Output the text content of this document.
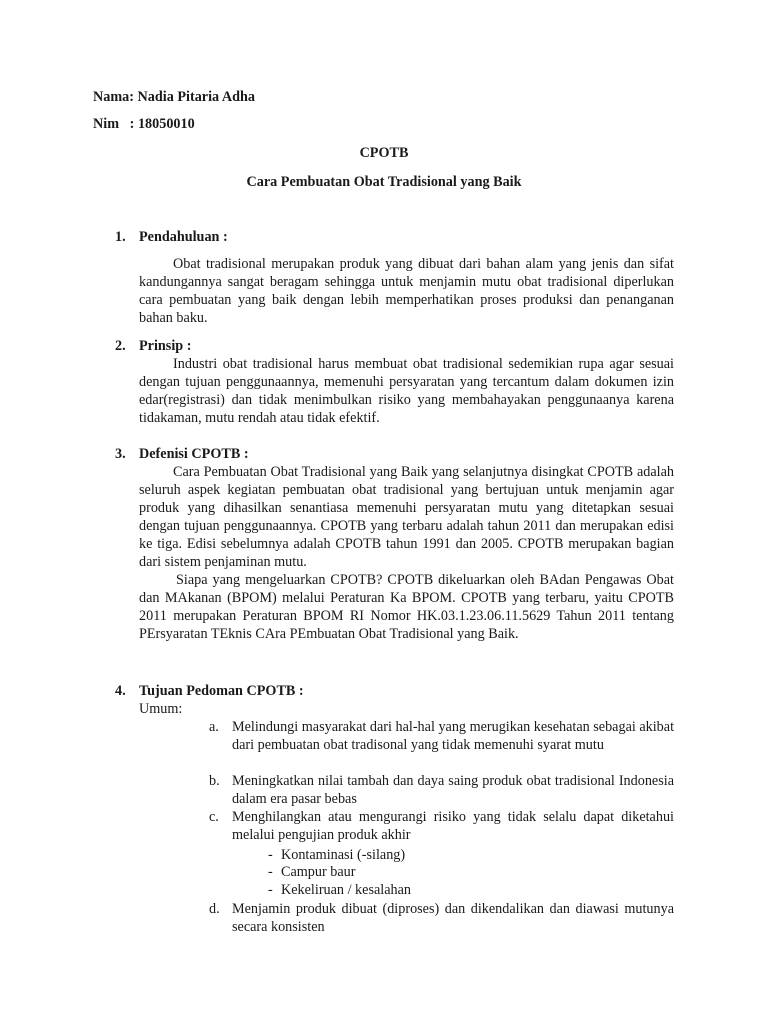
Nama: Nadia Pitaria Adha
Nim   : 18050010
CPOTB
Cara Pembuatan Obat Tradisional yang Baik
1. Pendahuluan :
Obat tradisional merupakan produk yang dibuat dari bahan alam yang jenis dan sifat kandungannya sangat beragam sehingga untuk menjamin mutu obat tradisional diperlukan cara pembuatan yang baik dengan lebih memperhatikan proses produksi dan penanganan bahan baku.
2. Prinsip :
Industri obat tradisional harus membuat obat tradisional sedemikian rupa agar sesuai dengan tujuan penggunaannya, memenuhi persyaratan yang tercantum dalam dokumen izin edar(registrasi) dan tidak menimbulkan risiko yang membahayakan penggunaanya karena tidakaman, mutu rendah atau tidak efektif.
3. Defenisi CPOTB :
Cara Pembuatan Obat Tradisional yang Baik yang selanjutnya disingkat CPOTB adalah seluruh aspek kegiatan pembuatan obat tradisional yang bertujuan untuk menjamin agar produk yang dihasilkan senantiasa memenuhi persyaratan mutu yang ditetapkan sesuai dengan tujuan penggunaannya. CPOTB yang terbaru adalah tahun 2011 dan merupakan edisi ke tiga. Edisi sebelumnya adalah CPOTB tahun 1991 dan 2005. CPOTB merupakan bagian dari sistem penjaminan mutu.
Siapa yang mengeluarkan CPOTB? CPOTB dikeluarkan oleh BAdan Pengawas Obat dan MAkanan (BPOM) melalui Peraturan Ka BPOM. CPOTB yang terbaru, yaitu CPOTB 2011 merupakan Peraturan BPOM RI Nomor HK.03.1.23.06.11.5629 Tahun 2011 tentang PErsyaratan TEknis CAra PEmbuatan Obat Tradisional yang Baik.
4. Tujuan Pedoman CPOTB :
Umum:
a. Melindungi masyarakat dari hal-hal yang merugikan kesehatan sebagai akibat dari pembuatan obat tradisonal yang tidak memenuhi syarat mutu
b. Meningkatkan nilai tambah dan daya saing produk obat tradisional Indonesia dalam era pasar bebas
c. Menghilangkan atau mengurangi risiko yang tidak selalu dapat diketahui melalui pengujian produk akhir
- Kontaminasi (-silang)
- Campur baur
- Kekeliruan / kesalahan
d. Menjamin produk dibuat (diproses) dan dikendalikan dan diawasi mutunya secara konsisten
